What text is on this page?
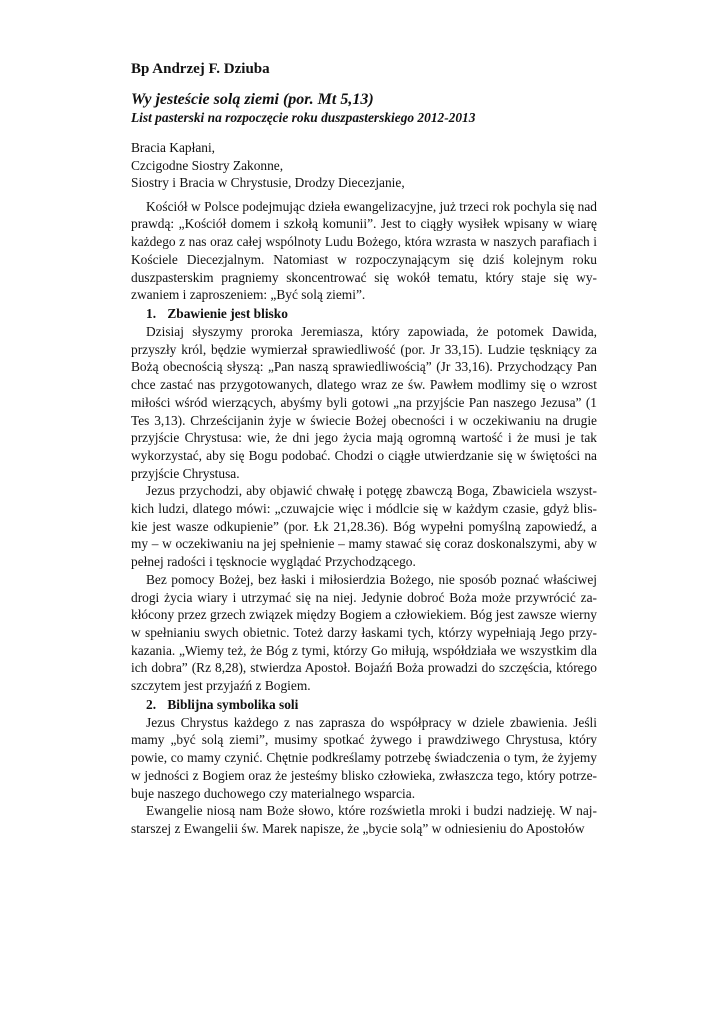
Bp Andrzej F. Dziuba
Wy jesteście solą ziemi (por. Mt 5,13)
List pasterski na rozpoczęcie roku duszpasterskiego 2012-2013
Bracia Kapłani,
Czcigodne Siostry Zakonne,
Siostry i Bracia w Chrystusie, Drodzy Diecezjanie,

Kościół w Polsce podejmując dzieła ewangelizacyjne, już trzeci rok pochyla się nad prawdą: „Kościół domem i szkołą komunii”. Jest to ciągły wysiłek wpisany w wiarę każdego z nas oraz całej wspólnoty Ludu Bożego, która wzrasta w naszych parafiach i Kościele Diecezjalnym. Natomiast w rozpoczynającym się dziś kolejnym roku duszpasterskim pragniemy skoncentrować się wokół tematu, który staje się wyzwaniem i zaproszeniem: „Być solą ziemi”.

1. Zbawienie jest blisko

Dzisiaj słyszymy proroka Jeremiasza, który zapowiada, że potomek Dawida, przyszły król, będzie wymierzał sprawiedliwość (por. Jr 33,15). Ludzie tęskniący za Bożą obecnością słyszą: „Pan naszą sprawiedliwością” (Jr 33,16). Przychodzący Pan chce zastać nas przygotowanych, dlatego wraz ze św. Pawłem modlimy się o wzrost miłości wśród wierzących, abyśmy byli gotowi „na przyjście Pan naszego Jezusa” (1 Tes 3,13). Chrześcijanin żyje w świecie Bożej obecności i w oczekiwaniu na drugie przyjście Chrystusa: wie, że dni jego życia mają ogromną wartość i że musi je tak wykorzystać, aby się Bogu podobać. Chodzi o ciągłe utwierdzanie się w świętości na przyjście Chrystusa.

Jezus przychodzi, aby objawić chwałę i potęgę zbawczą Boga, Zbawiciela wszystkich ludzi, dlatego mówi: „czuwajcie więc i módlcie się w każdym czasie, gdyż bliskie jest wasze odkupienie” (por. Łk 21,28.36). Bóg wypełni pomyślną zapowiedź, a my – w oczekiwaniu na jej spełnienie – mamy stawać się coraz doskonalszymi, aby w pełnej radości i tęsknocie wyglądać Przychodzącego.

Bez pomocy Bożej, bez łaski i miłosierdzia Bożego, nie sposób poznać właściwej drogi życia wiary i utrzymać się na niej. Jedynie dobroć Boża może przywrócić zakłócony przez grzech związek między Bogiem a człowiekiem. Bóg jest zawsze wierny w spełnianiu swych obietnic. Toteż darzy łaskami tych, którzy wypełniają Jego przykazania. „Wiemy też, że Bóg z tymi, którzy Go miłują, współdziała we wszystkim dla ich dobra” (Rz 8,28), stwierdza Apostoł. Bojaźń Boża prowadzi do szczęścia, którego szczytem jest przyjaźń z Bogiem.

2. Biblijna symbolika soli

Jezus Chrystus każdego z nas zaprasza do współpracy w dziele zbawienia. Jeśli mamy „być solą ziemi”, musimy spotkać żywego i prawdziwego Chrystusa, który powie, co mamy czynić. Chętnie podkreślamy potrzebę świadczenia o tym, że żyjemy w jedności z Bogiem oraz że jesteśmy blisko człowieka, zwłaszcza tego, który potrzebuje naszego duchowego czy materialnego wsparcia.

Ewangelie niosą nam Boże słowo, które rozświetla mroki i budzi nadzieję. W najstarszej z Ewangelii św. Marek napisze, że „bycie solą” w odniesieniu do Apostołów
